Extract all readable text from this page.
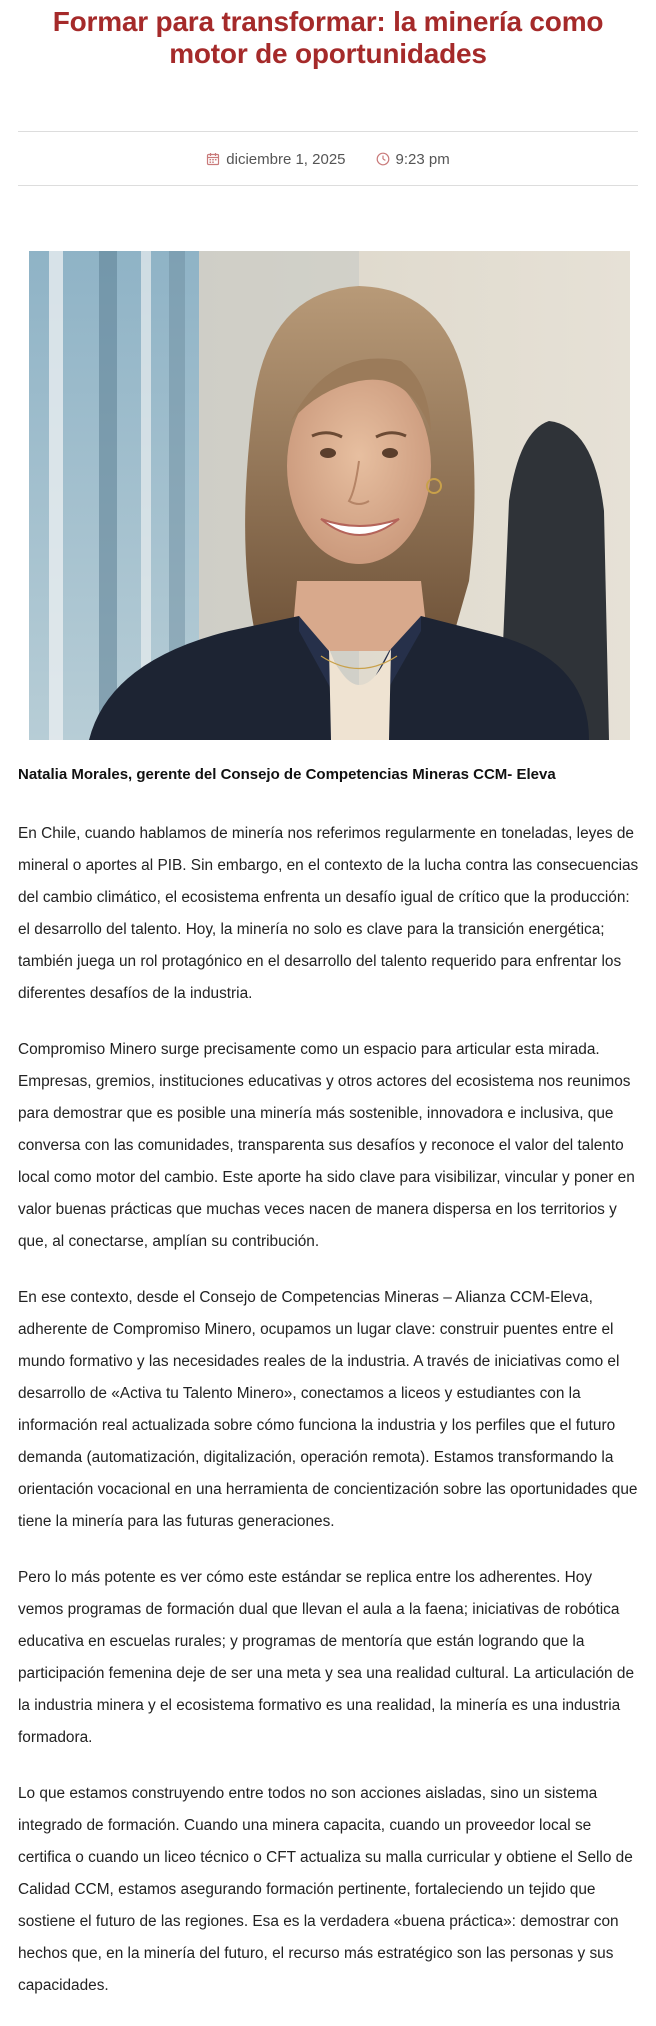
Formar para transformar: la minería como motor de oportunidades
diciembre 1, 2025	9:23 pm

Natalia Morales, gerente del Consejo de Competencias Mineras CCM- Eleva

En Chile, cuando hablamos de minería nos referimos regularmente en toneladas, leyes de mineral o aportes al PIB. Sin embargo, en el contexto de la lucha contra las consecuencias del cambio climático, el ecosistema enfrenta un desafío igual de crítico que la producción: el desarrollo del talento. Hoy, la minería no solo es clave para la transición energética; también juega un rol protagónico en el desarrollo del talento requerido para enfrentar los diferentes desafíos de la industria.

Compromiso Minero surge precisamente como un espacio para articular esta mirada. Empresas, gremios, instituciones educativas y otros actores del ecosistema nos reunimos para demostrar que es posible una minería más sostenible, innovadora e inclusiva, que conversa con las comunidades, transparenta sus desafíos y reconoce el valor del talento local como motor del cambio. Este aporte ha sido clave para visibilizar, vincular y poner en valor buenas prácticas que muchas veces nacen de manera dispersa en los territorios y que, al conectarse, amplían su contribución.

En ese contexto, desde el Consejo de Competencias Mineras – Alianza CCM-Eleva, adherente de Compromiso Minero, ocupamos un lugar clave: construir puentes entre el mundo formativo y las necesidades reales de la industria. A través de iniciativas como el desarrollo de «Activa tu Talento Minero», conectamos a liceos y estudiantes con la información real actualizada sobre cómo funciona la industria y los perfiles que el futuro demanda (automatización, digitalización, operación remota). Estamos transformando la orientación vocacional en una herramienta de concientización sobre las oportunidades que tiene la minería para las futuras generaciones.

Pero lo más potente es ver cómo este estándar se replica entre los adherentes. Hoy vemos programas de formación dual que llevan el aula a la faena; iniciativas de robótica educativa en escuelas rurales; y programas de mentoría que están logrando que la participación femenina deje de ser una meta y sea una realidad cultural. La articulación de la industria minera y el ecosistema formativo es una realidad, la minería es una industria formadora.

Lo que estamos construyendo entre todos no son acciones aisladas, sino un sistema integrado de formación. Cuando una minera capacita, cuando un proveedor local se certifica o cuando un liceo técnico o CFT actualiza su malla curricular y obtiene el Sello de Calidad CCM, estamos asegurando formación pertinente, fortaleciendo un tejido que sostiene el futuro de las regiones. Esa es la verdadera «buena práctica»: demostrar con hechos que, en la minería del futuro, el recurso más estratégico son las personas y sus capacidades.
